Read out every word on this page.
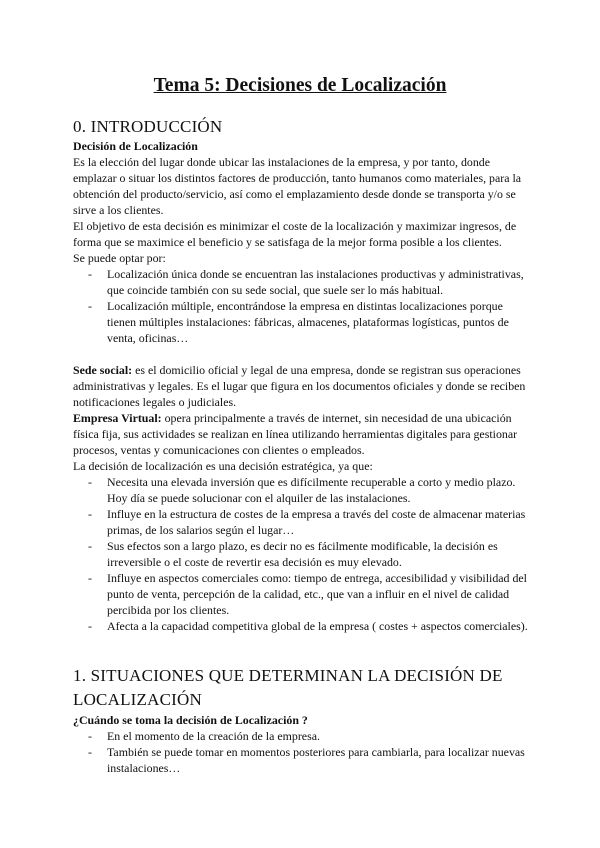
Tema 5: Decisiones de Localización
0. INTRODUCCIÓN

Decisión de Localización

Es la elección del lugar donde ubicar las instalaciones de la empresa, y por tanto, donde emplazar o situar los distintos factores de producción, tanto humanos como materiales, para la obtención del producto/servicio, así como el emplazamiento desde donde se transporta y/o se sirve a los clientes.

El objetivo de esta decisión es minimizar el coste de la localización y maximizar ingresos, de forma que se maximice el beneficio y se satisfaga de la mejor forma posible a los clientes.

Se puede optar por:

- Localización única donde se encuentran las instalaciones productivas y administrativas, que coincide también con su sede social, que suele ser lo más habitual.
- Localización múltiple, encontrándose la empresa en distintas localizaciones porque tienen múltiples instalaciones: fábricas, almacenes, plataformas logísticas, puntos de venta, oficinas…

Sede social: es el domicilio oficial y legal de una empresa, donde se registran sus operaciones administrativas y legales. Es el lugar que figura en los documentos oficiales y donde se reciben notificaciones legales o judiciales.

Empresa Virtual: opera principalmente a través de internet, sin necesidad de una ubicación física fija, sus actividades se realizan en línea utilizando herramientas digitales para gestionar procesos, ventas y comunicaciones con clientes o empleados.

La decisión de localización es una decisión estratégica, ya que:

- Necesita una elevada inversión que es difícilmente recuperable a corto y medio plazo. Hoy día se puede solucionar con el alquiler de las instalaciones.
- Influye en la estructura de costes de la empresa a través del coste de almacenar materias primas, de los salarios según el lugar…
- Sus efectos son a largo plazo, es decir no es fácilmente modificable, la decisión es irreversible o el coste de revertir esa decisión es muy elevado.
- Influye en aspectos comerciales como: tiempo de entrega, accesibilidad y visibilidad del punto de venta, percepción de la calidad, etc., que van a influir en el nivel de calidad percibida por los clientes.
- Afecta a la capacidad competitiva global de la empresa ( costes + aspectos comerciales).
1. SITUACIONES QUE DETERMINAN LA DECISIÓN DE LOCALIZACIÓN

¿Cuándo se toma la decisión de Localización ?

- En el momento de la creación de la empresa.
- También se puede tomar en momentos posteriores para cambiarla, para localizar nuevas instalaciones…
